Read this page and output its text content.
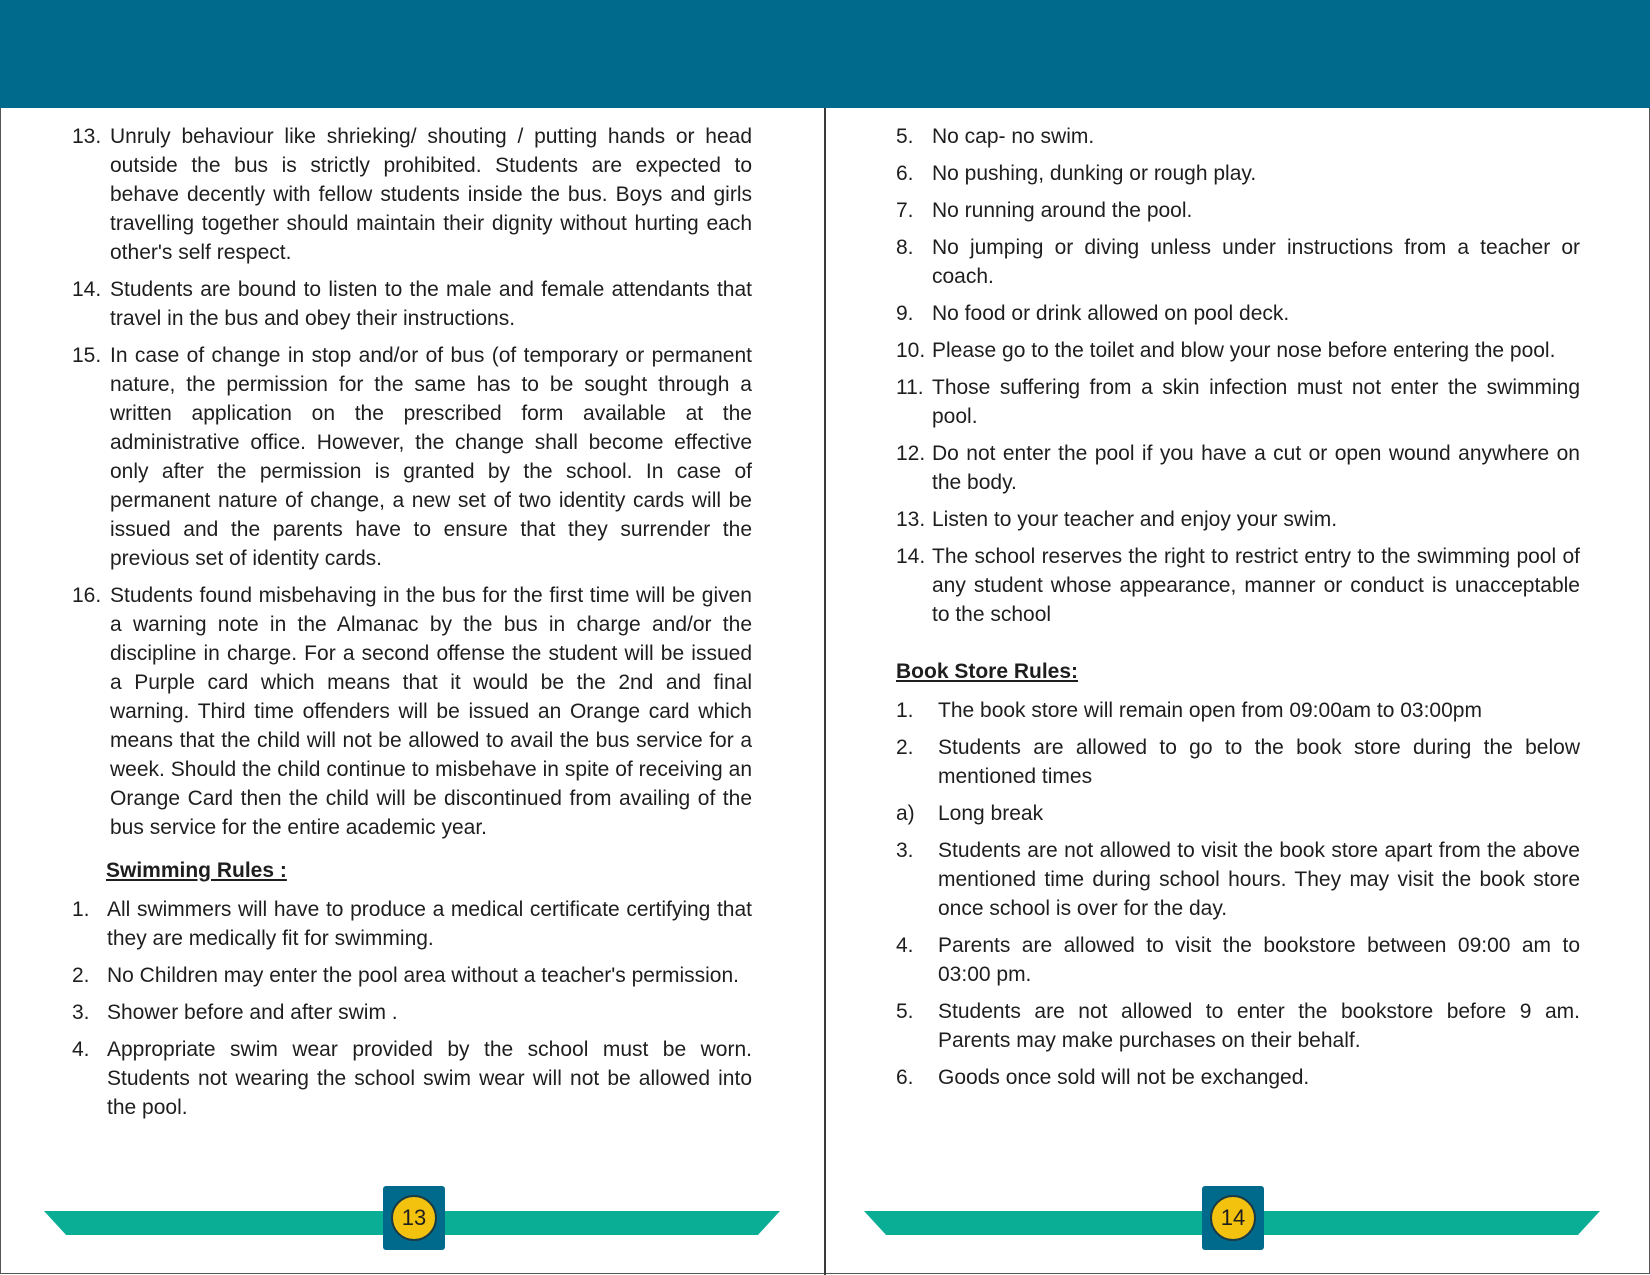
13. Unruly behaviour like shrieking/ shouting / putting hands or head outside the bus is strictly prohibited. Students are expected to behave decently with fellow students inside the bus. Boys and girls travelling together should maintain their dignity without hurting each other's self respect.
14. Students are bound to listen to the male and female attendants that travel in the bus and obey their instructions.
15. In case of change in stop and/or of bus (of temporary or permanent nature, the permission for the same has to be sought through a written application on the prescribed form available at the administrative office. However, the change shall become effective only after the permission is granted by the school. In case of permanent nature of change, a new set of two identity cards will be issued and the parents have to ensure that they surrender the previous set of identity cards.
16. Students found misbehaving in the bus for the first time will be given a warning note in the Almanac by the bus in charge and/or the discipline in charge. For a second offense the student will be issued a Purple card which means that it would be the 2nd and final warning. Third time offenders will be issued an Orange card which means that the child will not be allowed to avail the bus service for a week. Should the child continue to misbehave in spite of receiving an Orange Card then the child will be discontinued from availing of the bus service for the entire academic year.
Swimming Rules :
1. All swimmers will have to produce a medical certificate certifying that they are medically fit for swimming.
2. No Children may enter the pool area without a teacher's permission.
3. Shower before and after swim .
4. Appropriate swim wear provided by the school must be worn. Students not wearing the school swim wear will not be allowed into the pool.
5. No cap- no swim.
6. No pushing, dunking or rough play.
7. No running around the pool.
8. No jumping or diving unless under instructions from a teacher or coach.
9. No food or drink allowed on pool deck.
10. Please go to the toilet and blow your nose before entering the pool.
11. Those suffering from a skin infection must not enter the swimming pool.
12. Do not enter the pool if you have a cut or open wound anywhere on the body.
13. Listen to your teacher and enjoy your swim.
14. The school reserves the right to restrict entry to the swimming pool of any student whose appearance, manner or conduct is unacceptable to the school
Book Store Rules:
1. The book store will remain open from 09:00am to 03:00pm
2. Students are allowed to go to the book store during the below mentioned times
a) Long break
3. Students are not allowed to visit the book store apart from the above mentioned time during school hours. They may visit the book store once school is over for the day.
4. Parents are allowed to visit the bookstore between 09:00 am to 03:00 pm.
5. Students are not allowed to enter the bookstore before 9 am. Parents may make purchases on their behalf.
6. Goods once sold will not be exchanged.
13	14
